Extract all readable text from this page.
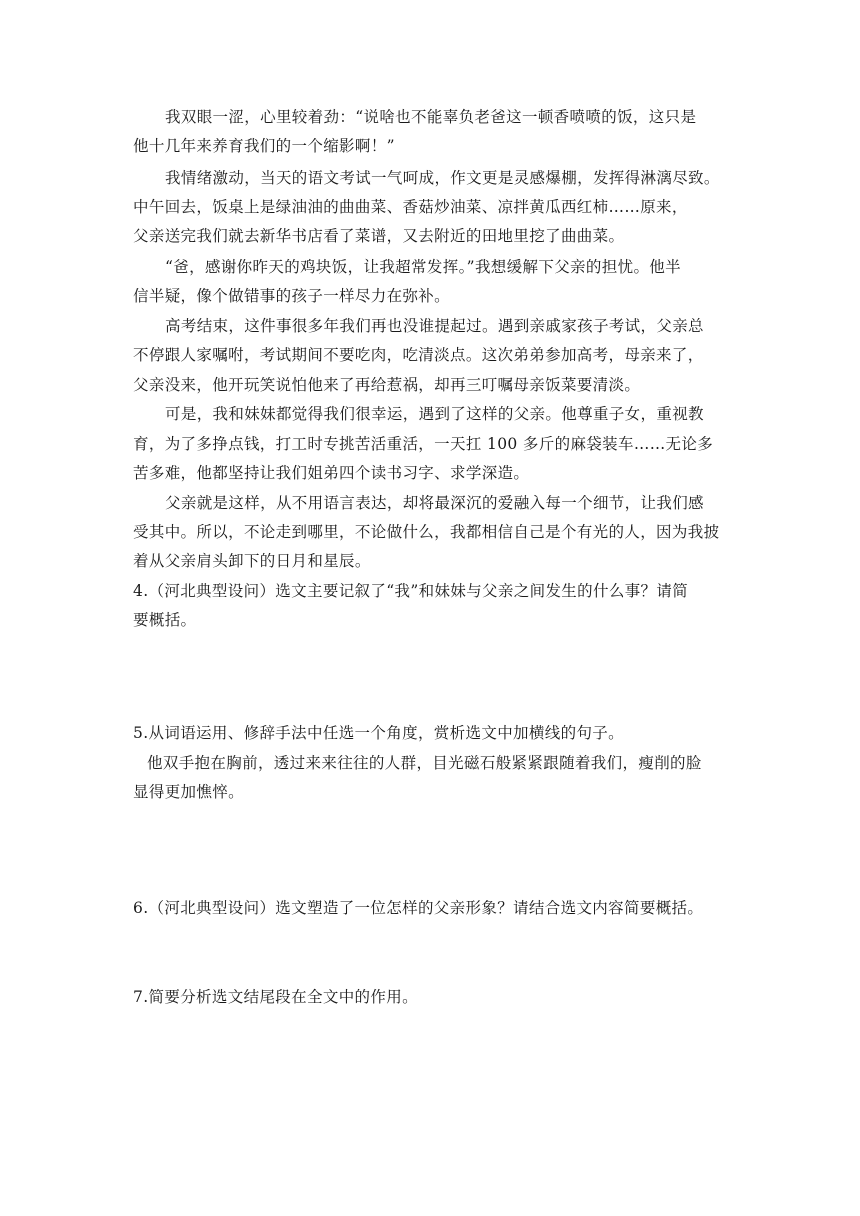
我双眼一涩，心里较着劲：“说啥也不能辜负老爸这一顿香喷喷的饭，这只是
他十几年来养育我们的一个缩影啊！”
我情绪激动，当天的语文考试一气呵成，作文更是灵感爆棚，发挥得淋漓尽致。
中午回去，饭桌上是绿油油的曲曲菜、香菇炒油菜、凉拌黄瓜西红柿……原来，
父亲送完我们就去新华书店看了菜谱，又去附近的田地里挖了曲曲菜。
“爸，感谢你昨天的鸡块饭，让我超常发挥。”我想缓解下父亲的担忧。他半
信半疑，像个做错事的孩子一样尽力在弥补。
高考结束，这件事很多年我们再也没谁提起过。遇到亲戚家孩子考试，父亲总
不停跟人家嘱咐，考试期间不要吃肉，吃清淡点。这次弟弟参加高考，母亲来了，
父亲没来，他开玩笑说怕他来了再给惹祸，却再三叮嘱母亲饭菜要清淡。
可是，我和妹妹都觉得我们很幸运，遇到了这样的父亲。他尊重子女，重视教
育，为了多挣点钱，打工时专挑苦活重活，一天扛 100 多斤的麻袋装车……无论多
苦多难，他都坚持让我们姐弟四个读书习字、求学深造。
父亲就是这样，从不用语言表达，却将最深沉的爱融入每一个细节，让我们感
受其中。所以，不论走到哪里，不论做什么，我都相信自己是个有光的人，因为我披
着从父亲肩头卸下的日月和星辰。
4.（河北典型设问）选文主要记叙了“我”和妹妹与父亲之间发生的什么事？请简
要概括。
5.从词语运用、修辞手法中任选一个角度，赏析选文中加横线的句子。
他双手抱在胸前，透过来来往往的人群，目光磁石般紧紧跟随着我们，瘦削的脸
显得更加憔悴。
6.（河北典型设问）选文塑造了一位怎样的父亲形象？请结合选文内容简要概括。
7.简要分析选文结尾段在全文中的作用。
